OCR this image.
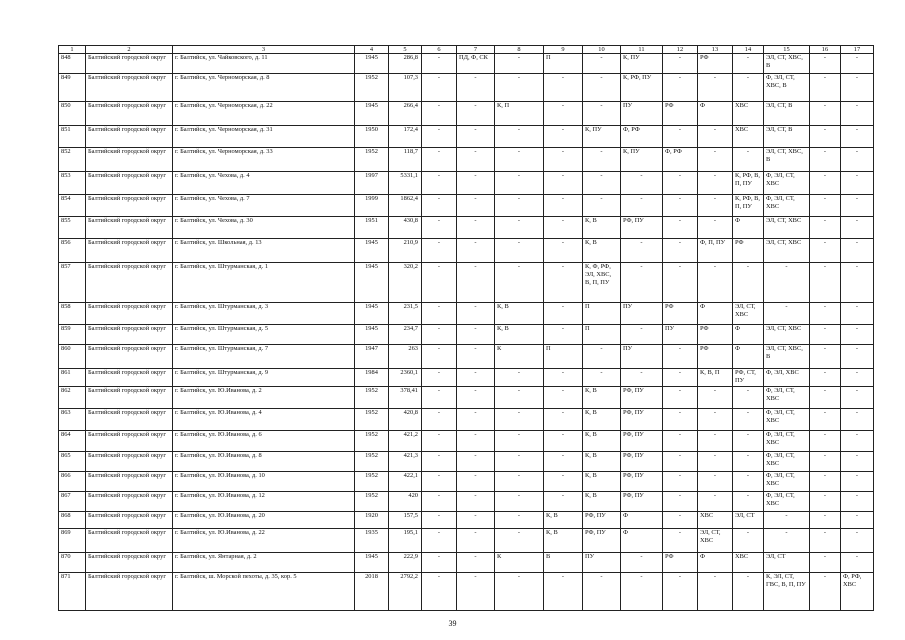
1	2	3	4	5	6	7	8	9	10	11	12	13	14	15	16	17
848	Балтийский городской округ	г. Балтийск, ул. Чайковского, д. 11	1945	286,8	-	ПД, Ф, СК	-	П	-	К, ПУ	-	РФ	-	ЭЛ, СТ, ХВС, В	-	-
849	Балтийский городской округ	г. Балтийск, ул. Черноморская, д. 8	1952	107,3	-	-	-	-	-	К, РФ, ПУ	-	-	-	Ф, ЭЛ, СТ, ХВС, В	-	-
850	Балтийский городской округ	г. Балтийск, ул. Черноморская, д. 22	1945	266,4	-	-	К, П	-	-	ПУ	РФ	Ф	ХВС	ЭЛ, СТ, В	-	-
851	Балтийский городской округ	г. Балтийск, ул. Черноморская, д. 31	1950	172,4	-	-	-	-	К, ПУ	Ф, РФ	-	-	ХВС	ЭЛ, СТ, В	-	-
852	Балтийский городской округ	г. Балтийск, ул. Черноморская, д. 33	1952	118,7	-	-	-	-	-	К, ПУ	Ф, РФ	-	-	ЭЛ, СТ, ХВС, В	-	-
853	Балтийский городской округ	г. Балтийск, ул. Чехова, д. 4	1997	5331,1	-	-	-	-	-	-	-	-	К, РФ, В, П, ПУ	Ф, ЭЛ, СТ, ХВС	-	-
854	Балтийский городской округ	г. Балтийск, ул. Чехова, д. 7	1999	1862,4	-	-	-	-	-	-	-	-	К, РФ, В, П, ПУ	Ф, ЭЛ, СТ, ХВС	-	-
855	Балтийский городской округ	г. Балтийск, ул. Чехова, д. 30	1951	430,8	-	-	-	-	К, В	РФ, ПУ	-	-	Ф	ЭЛ, СТ, ХВС	-	-
856	Балтийский городской округ	г. Балтийск, ул. Школьная, д. 13	1945	210,9	-	-	-	-	К, В	-	-	Ф, П, ПУ	РФ	ЭЛ, СТ, ХВС	-	-
857	Балтийский городской округ	г. Балтийск, ул. Штурманская, д. 1	1945	320,2	-	-	-	-	К, Ф, РФ, ЭЛ, ХВС, В, П, ПУ	-	-	-	-	-	-	-
858	Балтийский городской округ	г. Балтийск, ул. Штурманская, д. 3	1945	231,5	-	-	К, В	-	П	ПУ	РФ	Ф	ЭЛ, СТ, ХВС	-	-	-
859	Балтийский городской округ	г. Балтийск, ул. Штурманская, д. 5	1945	234,7	-	-	К, В	-	П	-	ПУ	РФ	Ф	ЭЛ, СТ, ХВС	-	-
860	Балтийский городской округ	г. Балтийск, ул. Штурманская, д. 7	1947	263	-	-	К	П	-	ПУ	-	РФ	Ф	ЭЛ, СТ, ХВС, В	-	-
861	Балтийский городской округ	г. Балтийск, ул. Штурманская, д. 9	1984	2360,1	-	-	-	-	-	-	-	К, В, П	РФ, СТ, ПУ	Ф, ЭЛ, ХВС	-	-
862	Балтийский городской округ	г. Балтийск, ул. Ю.Иванова, д. 2	1952	378,41	-	-	-	-	К, В	РФ, ПУ	-	-	-	Ф, ЭЛ, СТ, ХВС	-	-
863	Балтийский городской округ	г. Балтийск, ул. Ю.Иванова, д. 4	1952	420,8	-	-	-	-	К, В	РФ, ПУ	-	-	-	Ф, ЭЛ, СТ, ХВС	-	-
864	Балтийский городской округ	г. Балтийск, ул. Ю.Иванова, д. 6	1952	421,2	-	-	-	-	К, В	РФ, ПУ	-	-	-	Ф, ЭЛ, СТ, ХВС	-	-
865	Балтийский городской округ	г. Балтийск, ул. Ю.Иванова, д. 8	1952	421,3	-	-	-	-	К, В	РФ, ПУ	-	-	-	Ф, ЭЛ, СТ, ХВС	-	-
866	Балтийский городской округ	г. Балтийск, ул. Ю.Иванова, д. 10	1952	422,1	-	-	-	-	К, В	РФ, ПУ	-	-	-	Ф, ЭЛ, СТ, ХВС	-	-
867	Балтийский городской округ	г. Балтийск, ул. Ю.Иванова, д. 12	1952	420	-	-	-	-	К, В	РФ, ПУ	-	-	-	Ф, ЭЛ, СТ, ХВС	-	-
868	Балтийский городской округ	г. Балтийск, ул. Ю.Иванова, д. 20	1920	157,5	-	-	-	К, В	РФ, ПУ	Ф	-	ХВС	ЭЛ, СТ	-	-	-
869	Балтийский городской округ	г. Балтийск, ул. Ю.Иванова, д. 22	1935	195,1	-	-	-	К, В	РФ, ПУ	Ф	-	ЭЛ, СТ, ХВС	-	-	-	-
870	Балтийский городской округ	г. Балтийск, ул. Янтарная, д. 2	1945	222,9	-	-	К	В	ПУ	-	РФ	Ф	ХВС	ЭЛ, СТ	-	-
871	Балтийский городской округ	г. Балтийск, ш. Морской пехоты, д. 35, кор. 5	2018	2792,2	-	-	-	-	-	-	-	-	-	К, ЭЛ, СТ, ГВС, В, П, ПУ	-	Ф, РФ, ХВС
39
